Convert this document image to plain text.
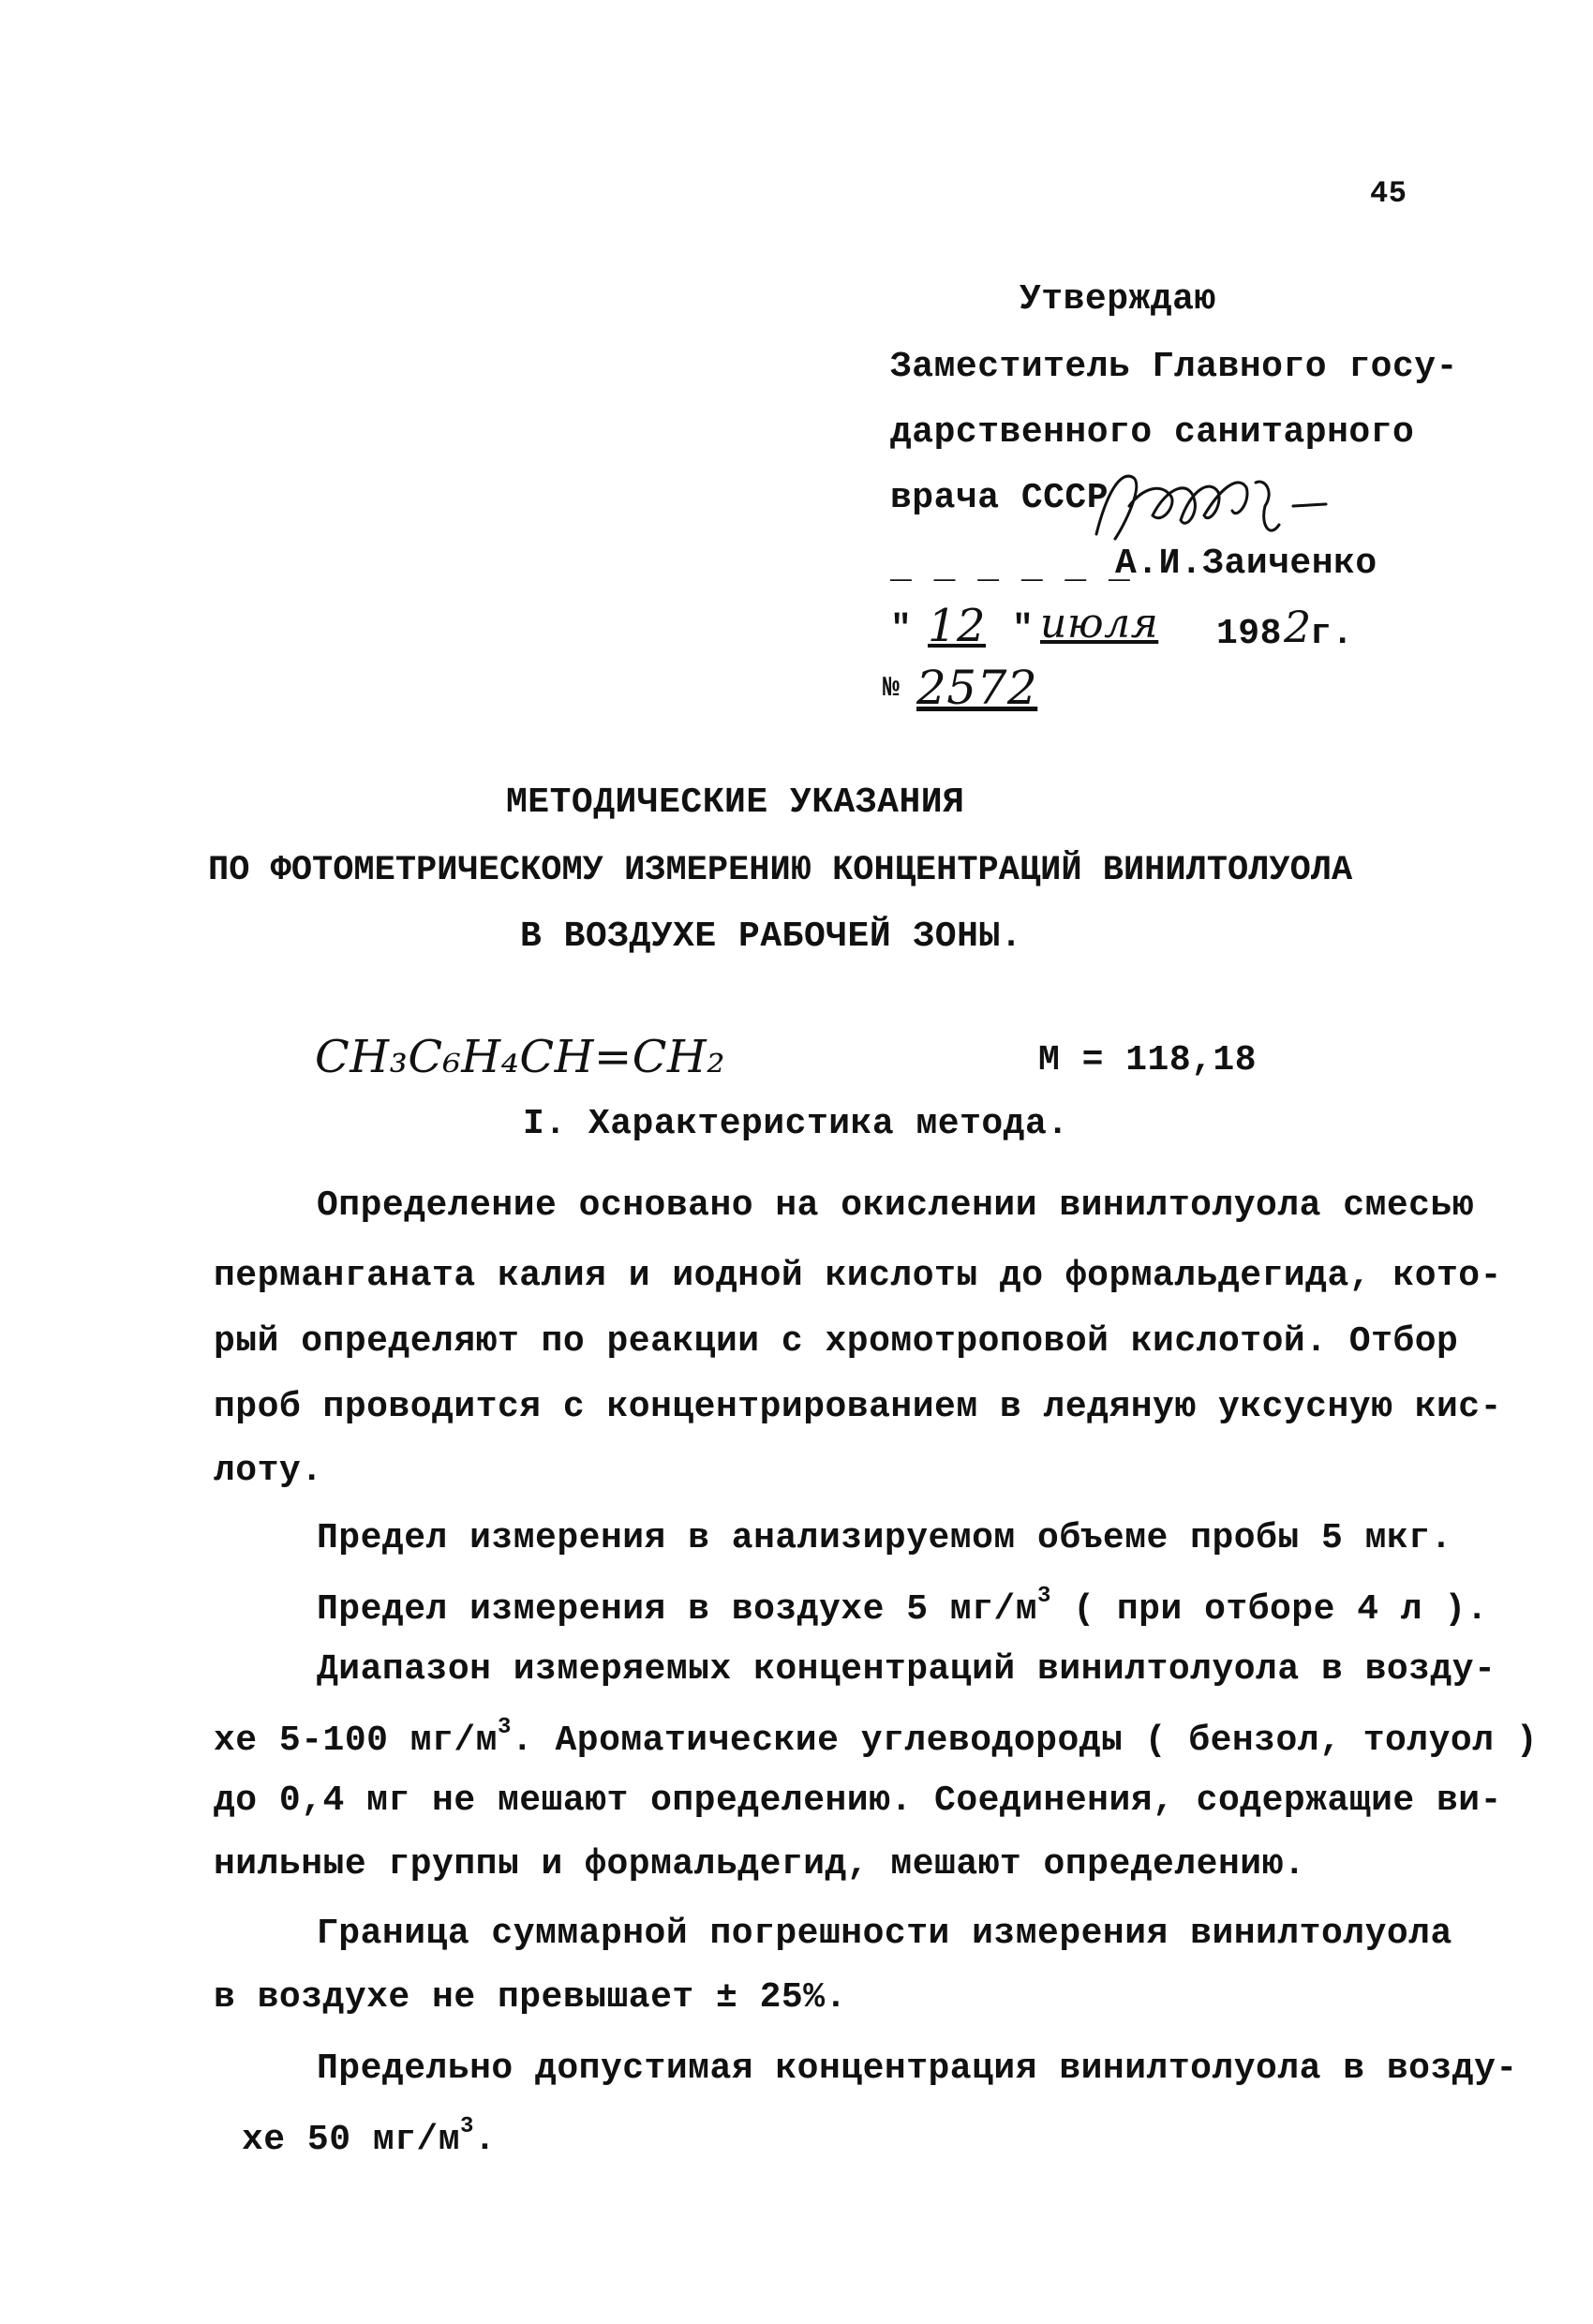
45
Утверждаю
Заместитель Главного госу-
дарственного санитарного
врача СССР
_ _ _ _ _ _
А.И.Заиченко
" 12 " июля 198 2
г.
№ 2572
МЕТОДИЧЕСКИЕ УКАЗАНИЯ
ПО ФОТОМЕТРИЧЕСКОМУ ИЗМЕРЕНИЮ КОНЦЕНТРАЦИЙ ВИНИЛТОЛУОЛА
В ВОЗДУХЕ РАБОЧЕЙ ЗОНЫ.
CH₃C₆H₄CH=CH₂	М = 118,18
I. Характеристика метода.
Определение основано на окислении винилтолуола смесью
перманганата калия и иодной кислоты до формальдегида, кото-
рый определяют по реакции с хромотроповой кислотой. Отбор
проб проводится с концентрированием в ледяную уксусную кис-
лоту.
Предел измерения в анализируемом объеме пробы 5 мкг.
Предел измерения в воздухе 5 $мг/м^3$ ( при отборе 4 л ).
Диапазон измеряемых концентраций винилтолуола в возду-
хе 5-100 $мг/м^3$. Ароматические углеводороды ( бензол, толуол )
до 0,4 мг не мешают определению. Соединения, содержащие ви-
нильные группы и формальдегид, мешают определению.
Граница суммарной погрешности измерения винилтолуола
в воздухе не превышает ± 25%.
Предельно допустимая концентрация винилтолуола в возду-
хе 50 $мг/м^3$.
